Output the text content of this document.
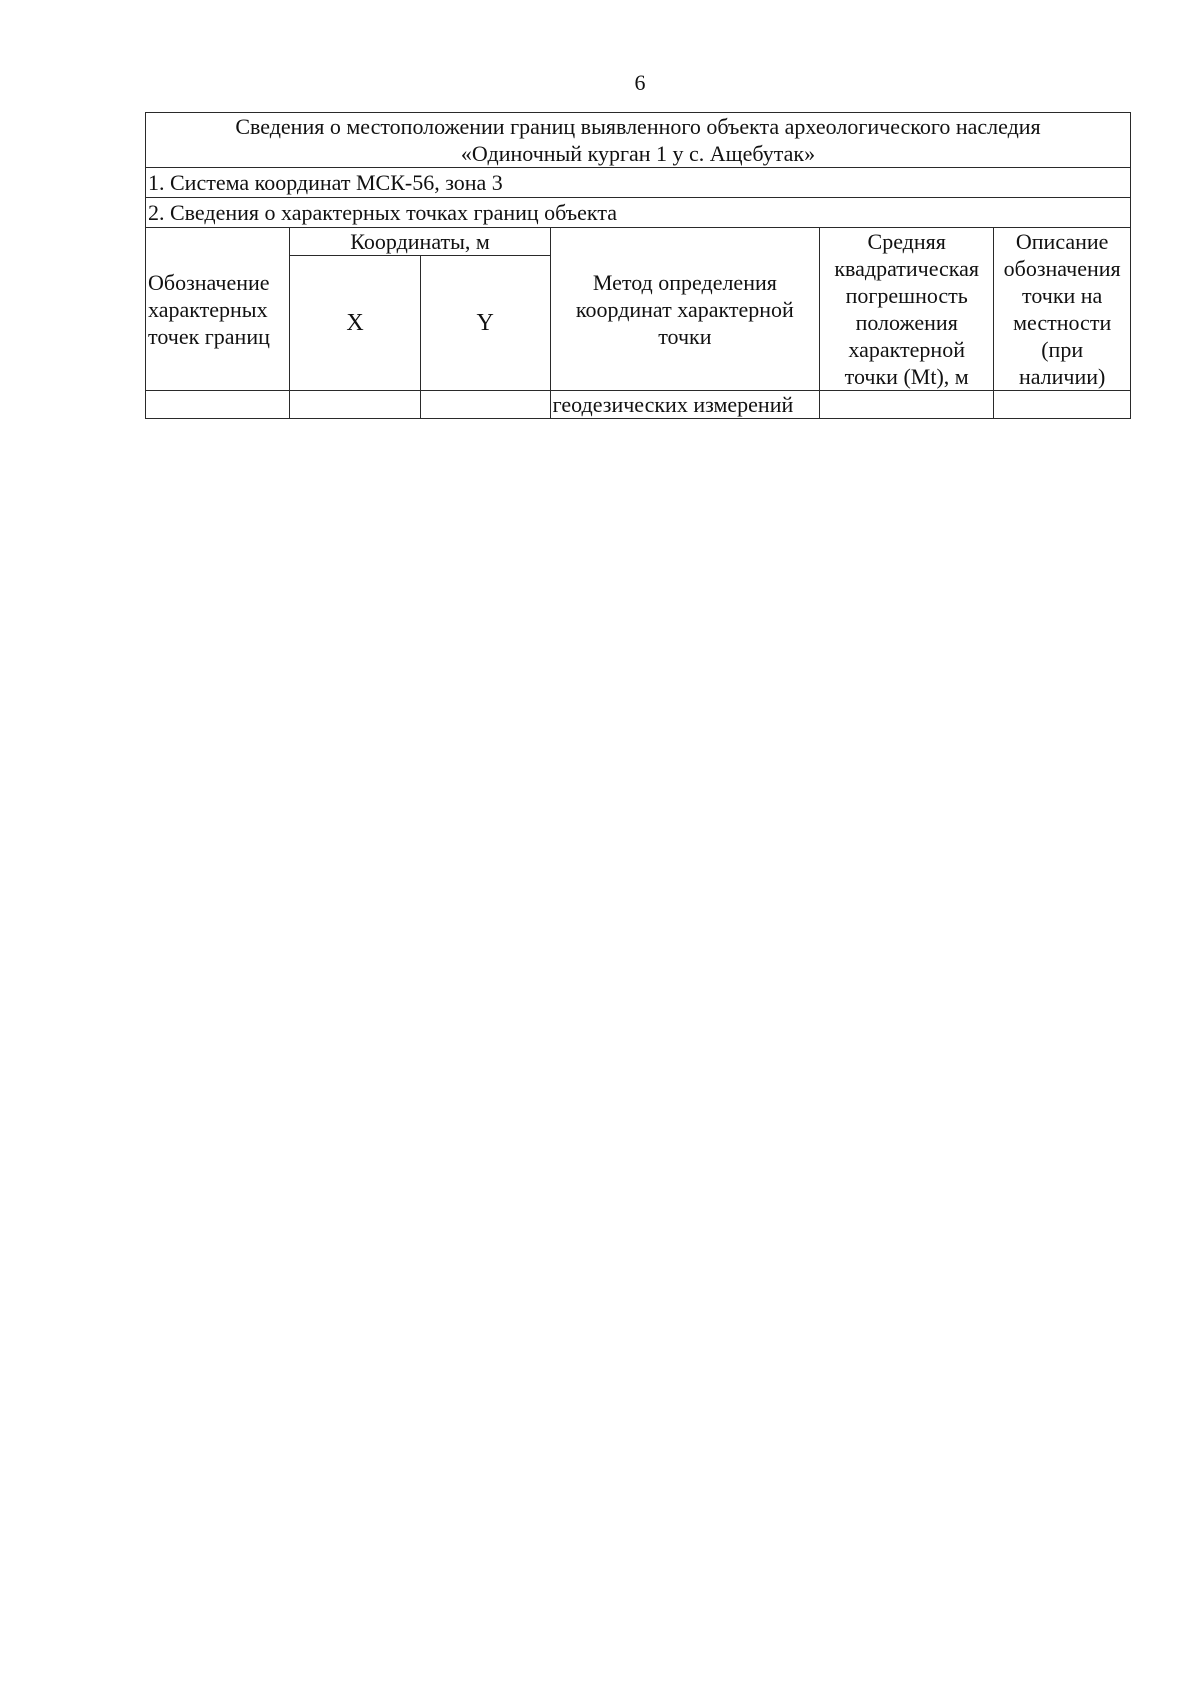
6
Сведения о местоположении границ выявленного объекта археологического наследия
«Одиночный курган 1 у с. Ащебутак»					

1. Система координат МСК-56, зона 3					
2. Сведения о характерных точках границ объекта					
Обозначение характерных точек границ	Координаты, м		Метод определения координат характерной точки	Средняя квадратическая погрешность положения характерной точки (Mt), м	Описание обозначения точки на местности (при наличии)
	X	Y			
			геодезических измерений		
